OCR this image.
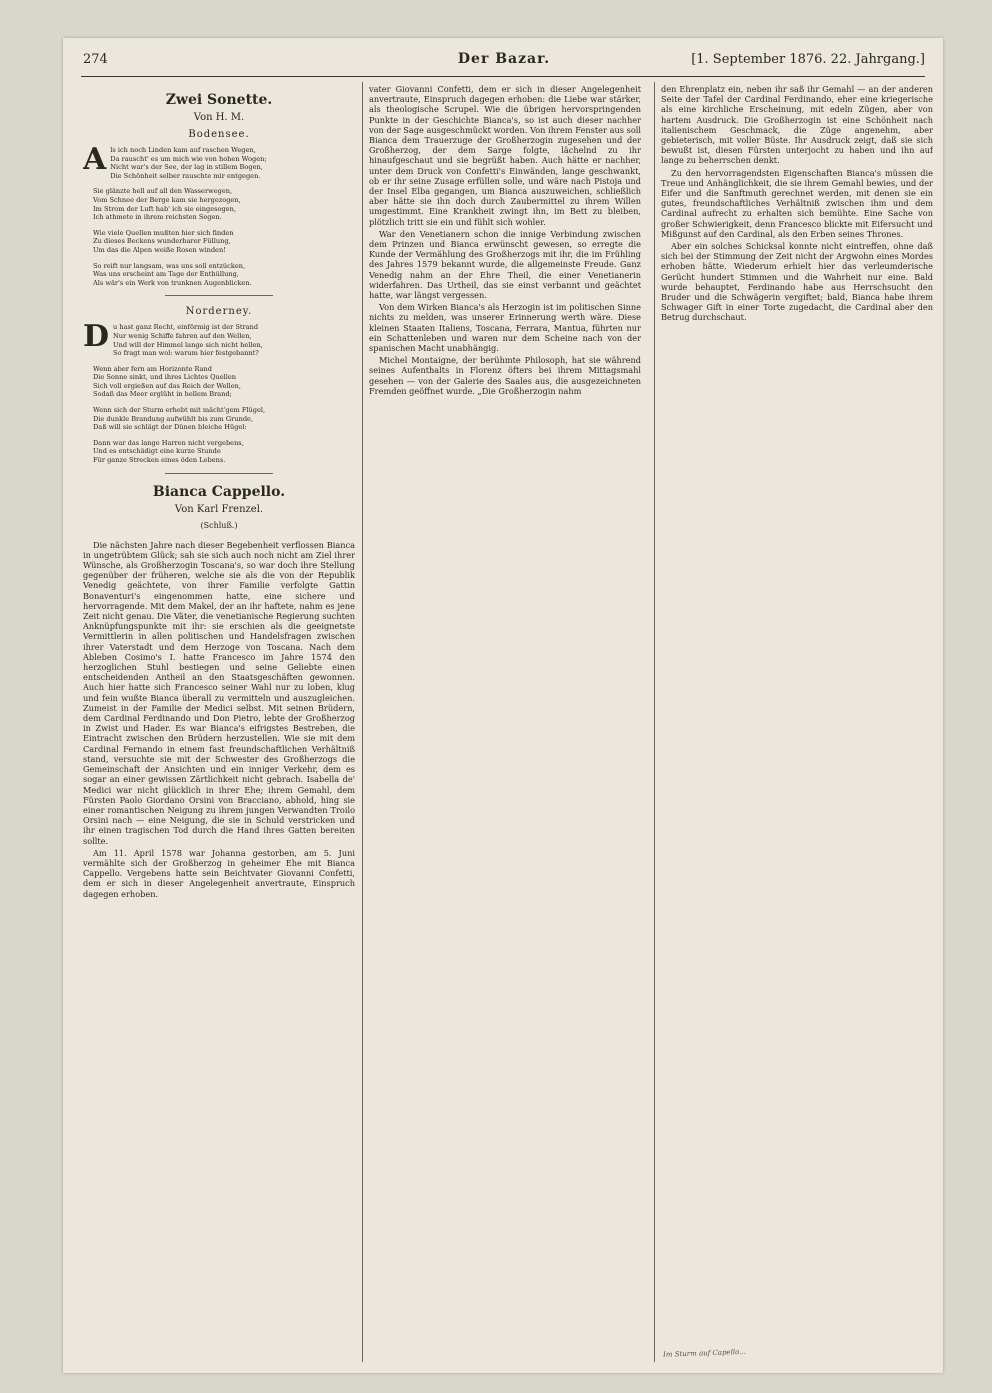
274	Der Bazar.	[1. September 1876. 22. Jahrgang.]
Zwei Sonette.
Von H. M.
Bodensee.
Als ich noch Linden kam auf raschen Wegen,
Da rauscht' es um mich wie von hohen Wogen;
Nicht war's der See, der lag in stillem Bogen,
Die Schönheit selber rauschte mir entgegen.
Sie glänzte hell auf all den Wasserwegen,
Vom Schnee der Berge kam sie hergezogen,
Im Strom der Luft hab' ich sie eingesogen,
Ich athmete in ihrem reichsten Segen.
Wie viele Quellen mußten hier sich finden
Zu dieses Beckens wunderbarer Füllung,
Um das die Alpen weiße Rosen winden!
So reift nur langsam, was uns soll entzücken,
Was uns erscheint am Tage der Enthüllung,
Als wär's ein Werk von trunknen Augenblicken.
Norderney.
Du hast ganz Recht, einförmig ist der Strand
Nur wenig Schiffe fahren auf den Wellen,
Und will der Himmel lange sich nicht hellen,
So fragt man wol: warum hier festgebannt?
Wenn aber fern am Horizonte Rand
Die Sonne sinkt, und ihres Lichtes Quellen
Sich voll ergießen auf das Reich der Wellen,
Sodaß das Meer erglüht in hellem Brand;
Wenn sich der Sturm erhebt mit mächt'gem Flügel,
Die dunkle Brandung aufwühlt bis zum Grunde,
Daß will sie schlägt der Dünen bleiche Hügel:
Dann war das lange Harren nicht vergebens,
Und es entschädigt eine kurze Stunde
Für ganze Strecken eines öden Lebens.
Bianca Cappello.
Von Karl Frenzel.
(Schluß.)

Die nächsten Jahre nach dieser Begebenheit verflossen Bianca in ungetrübtem Glück; sah sie sich auch noch nicht am Ziel ihrer Wünsche, als Großherzogin Toscana's, so war doch ihre Stellung gegenüber der früheren, welche sie als die von der Republik Venedig geächtete, von ihrer Familie verfolgte Gattin Bonaventuri's eingenommen hatte, eine sichere und hervorragende. Mit dem Makel, der an ihr haftete, nahm es jene Zeit nicht genau. Die Väter, die venetianische Regierung suchten Anknüpfungspunkte mit ihr: sie erschien als die geeignetste Vermittlerin in allen politischen und Handelsfragen zwischen ihrer Vaterstadt und dem Herzoge von Toscana. Nach dem Ableben Cosimo's I. hatte Francesco im Jahre 1574 den herzoglichen Stuhl bestiegen und seine Geliebte einen entscheidenden Antheil an den Staatsgeschäften gewonnen. Auch hier hatte sich Francesco seiner Wahl nur zu loben, klug und fein wußte Bianca überall zu vermitteln und auszugleichen. Zumeist in der Familie der Medici selbst. Mit seinen Brüdern, dem Cardinal Ferdinando und Don Pietro, lebte der Großherzog in Zwist und Hader. Es war Bianca's eifrigstes Bestreben, die Eintracht zwischen den Brüdern herzustellen. Wie sie mit dem Cardinal Fernando in einem fast freundschaftlichen Verhältniß stand, versuchte sie mit der Schwester des Großherzogs die Gemeinschaft der Ansichten und ein inniger Verkehr, dem es sogar an einer gewissen Zärtlichkeit nicht gebrach. Isabella de' Medici war nicht glücklich in ihrer Ehe; ihrem Gemahl, dem Fürsten Paolo Giordano Orsini von Bracciano, abhold, hing sie einer romantischen Neigung zu ihrem jungen Verwandten Troilo Orsini nach — eine Neigung, die sie in Schuld verstricken und ihr einen tragischen Tod durch die Hand ihres Gatten bereiten sollte.

Am 11. April 1578 war Johanna gestorben, am 5. Juni vermählte sich der Großherzog in geheimer Ehe mit Bianca Cappello. Vergebens hatte sein Beichtvater Giovanni Confetti, dem er sich in dieser Angelegenheit anvertraute, Einspruch dagegen erhoben.

vater Giovanni Confetti, dem er sich in dieser Angelegenheit anvertraute, Einspruch dagegen erhoben: die Liebe war stärker, als theologische Scrupel. Wie die übrigen hervorspringenden Punkte in der Geschichte Bianca's, so ist auch dieser nachher von der Sage ausgeschmückt worden. Von ihrem Fenster aus soll Bianca dem Trauerzuge der Großherzogin zugesehen und der Großherzog, der dem Sarge folgte, lächelnd zu ihr hinaufgeschaut und sie begrüßt haben. Auch hätte er nachher, unter dem Druck von Confetti's Einwänden, lange geschwankt, ob er ihr seine Zusage erfüllen solle, und wäre nach Pistoja und der Insel Elba gegangen, um Bianca auszuweichen, schließlich aber hätte sie ihn doch durch Zaubermittel zu ihrem Willen umgestimmt. Eine Krankheit zwingt ihn, im Bett zu bleiben, plötzlich tritt sie ein und fühlt sich wohler.

War den Venetianern schon die innige Verbindung zwischen dem Prinzen und Bianca erwünscht gewesen, so erregte die Kunde der Vermählung des Großherzogs mit ihr, die im Frühling des Jahres 1579 bekannt wurde, die allgemeinste Freude. Ganz Venedig nahm an der Ehre Theil, die einer Venetianerin widerfahren. Das Urtheil, das sie einst verbannt und geächtet hatte, war längst vergessen.

Von dem Wirken Bianca's als Herzogin ist im politischen Sinne nichts zu melden, was unserer Erinnerung werth wäre. Diese kleinen Staaten Italiens, Toscana, Ferrara, Mantua, führten nur ein Schattenleben und waren nur dem Scheine nach von der spanischen Macht unabhängig.

Michel Montaigne, der berühmte Philosoph, hat sie während seines Aufenthalts in Florenz öfters bei ihrem Mittagsmahl gesehen — von der Galerie des Saales aus, die ausgezeichneten Fremden geöffnet wurde. „Die Großherzogin nahm

den Ehrenplatz ein, neben ihr saß ihr Gemahl — an der anderen Seite der Tafel der Cardinal Ferdinando, eher eine kriegerische als eine kirchliche Erscheinung, mit edeln Zügen, aber von hartem Ausdruck. Die Großherzogin ist eine Schönheit nach italienischem Geschmack, die Züge angenehm, aber gebieterisch, mit voller Büste. Ihr Ausdruck zeigt, daß sie sich bewußt ist, diesen Fürsten unterjocht zu haben und ihn auf lange zu beherrschen denkt.

Zu den hervorragendsten Eigenschaften Bianca's müssen die Treue und Anhänglichkeit, die sie ihrem Gemahl bewies, und der Eifer und die Sanftmuth gerechnet werden, mit denen sie ein gutes, freundschaftliches Verhältniß zwischen ihm und dem Cardinal aufrecht zu erhalten sich bemühte. Eine Sache von großer Schwierigkeit, denn Francesco blickte mit Eifersucht und Mißgunst auf den Cardinal, als den Erben seines Thrones.

Aber ein solches Schicksal konnte nicht eintreffen, ohne daß sich bei der Stimmung der Zeit nicht der Argwohn eines Mordes erhoben hätte. Wiederum erhielt hier das verleumderische Gerücht hundert Stimmen und die Wahrheit nur eine. Bald wurde behauptet, Ferdinando habe aus Herrschsucht den Bruder und die Schwägerin vergiftet; bald, Bianca habe ihrem Schwager Gift in einer Torte zugedacht, die Cardinal aber den Betrug durchschaut.

Im Sturm auf Capello...
